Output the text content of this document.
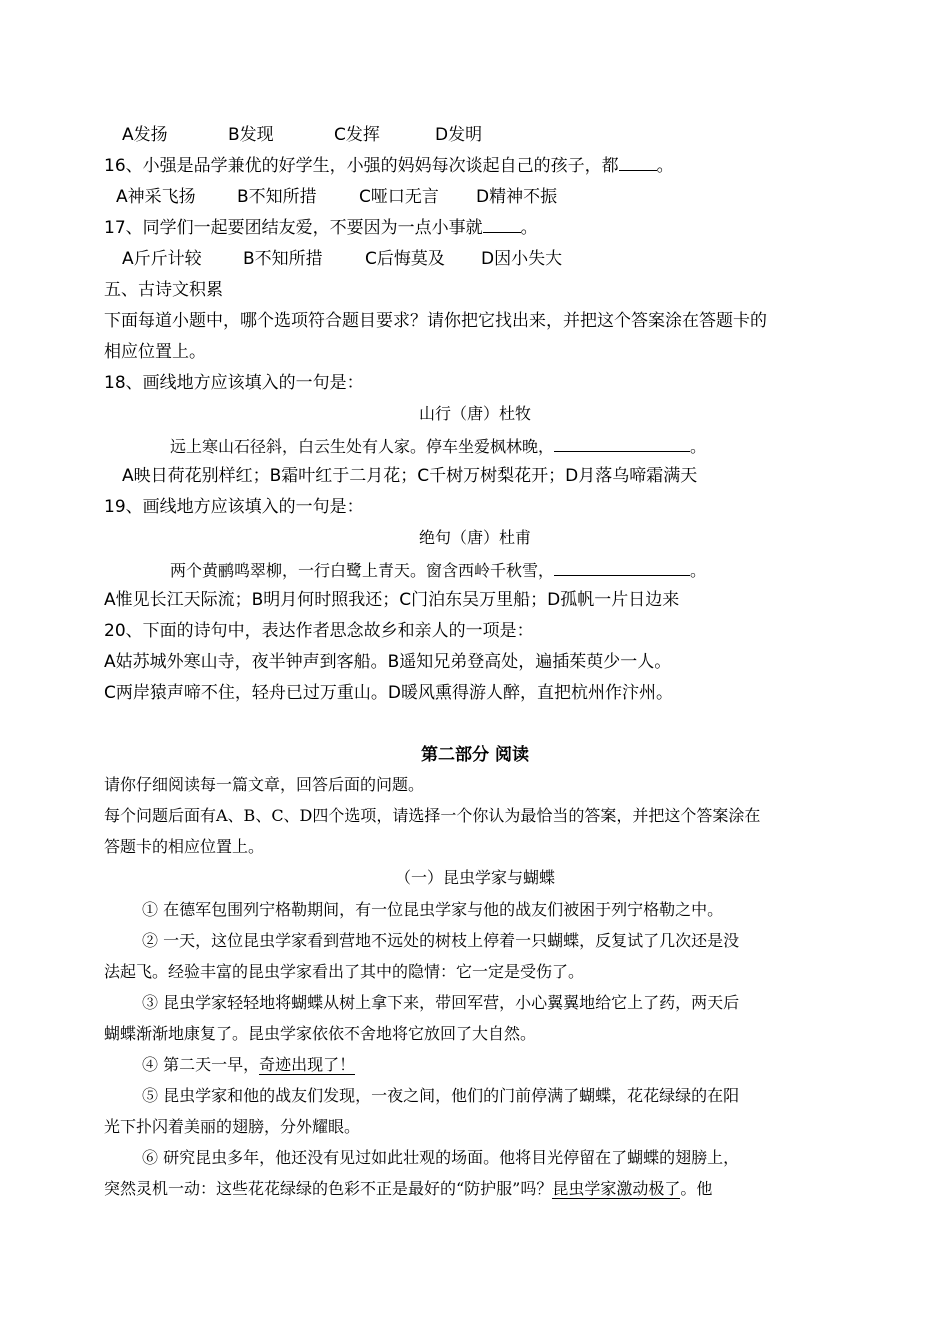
A发扬	B发现	C发挥	D发明
16、小强是品学兼优的好学生，小强的妈妈每次谈起自己的孩子，都 。
A神采飞扬 B不知所措 C哑口无言 D精神不振
17、同学们一起要团结友爱，不要因为一点小事就 。
A斤斤计较 B不知所措 C后悔莫及 D因小失大
五、古诗文积累
下面每道小题中，哪个选项符合题目要求？请你把它找出来，并把这个答案涂在答题卡的
相应位置上。
18、画线地方应该填入的一句是：
山行（唐）杜牧
远上寒山石径斜，白云生处有人家。停车坐爱枫林晚，	。
A映日荷花别样红；B霜叶红于二月花；C千树万树梨花开；D月落乌啼霜满天
19、画线地方应该填入的一句是：
绝句（唐）杜甫
两个黄鹂鸣翠柳，一行白鹭上青天。窗含西岭千秋雪，	。
A惟见长江天际流；B明月何时照我还；C门泊东吴万里船；D孤帆一片日边来
20、下面的诗句中，表达作者思念故乡和亲人的一项是：
A姑苏城外寒山寺，夜半钟声到客船。B遥知兄弟登高处，遍插茱萸少一人。
C两岸猿声啼不住，轻舟已过万重山。D暖风熏得游人醉，直把杭州作汴州。
第二部分 阅读
请你仔细阅读每一篇文章，回答后面的问题。
每个问题后面有A、B、C、D四个选项，请选择一个你认为最恰当的答案，并把这个答案涂在
答题卡的相应位置上。
（一）昆虫学家与蝴蝶
① 在德军包围列宁格勒期间，有一位昆虫学家与他的战友们被困于列宁格勒之中。
② 一天，这位昆虫学家看到营地不远处的树枝上停着一只蝴蝶，反复试了几次还是没
法起飞。经验丰富的昆虫学家看出了其中的隐情：它一定是受伤了。
③ 昆虫学家轻轻地将蝴蝶从树上拿下来，带回军营，小心翼翼地给它上了药，两天后
蝴蝶渐渐地康复了。昆虫学家依依不舍地将它放回了大自然。
④ 第二天一早，奇迹出现了！
⑤ 昆虫学家和他的战友们发现，一夜之间，他们的门前停满了蝴蝶，花花绿绿的在阳
光下扑闪着美丽的翅膀，分外耀眼。
⑥ 研究昆虫多年，他还没有见过如此壮观的场面。他将目光停留在了蝴蝶的翅膀上，
突然灵机一动：这些花花绿绿的色彩不正是最好的“防护服”吗？昆虫学家激动极了。他
